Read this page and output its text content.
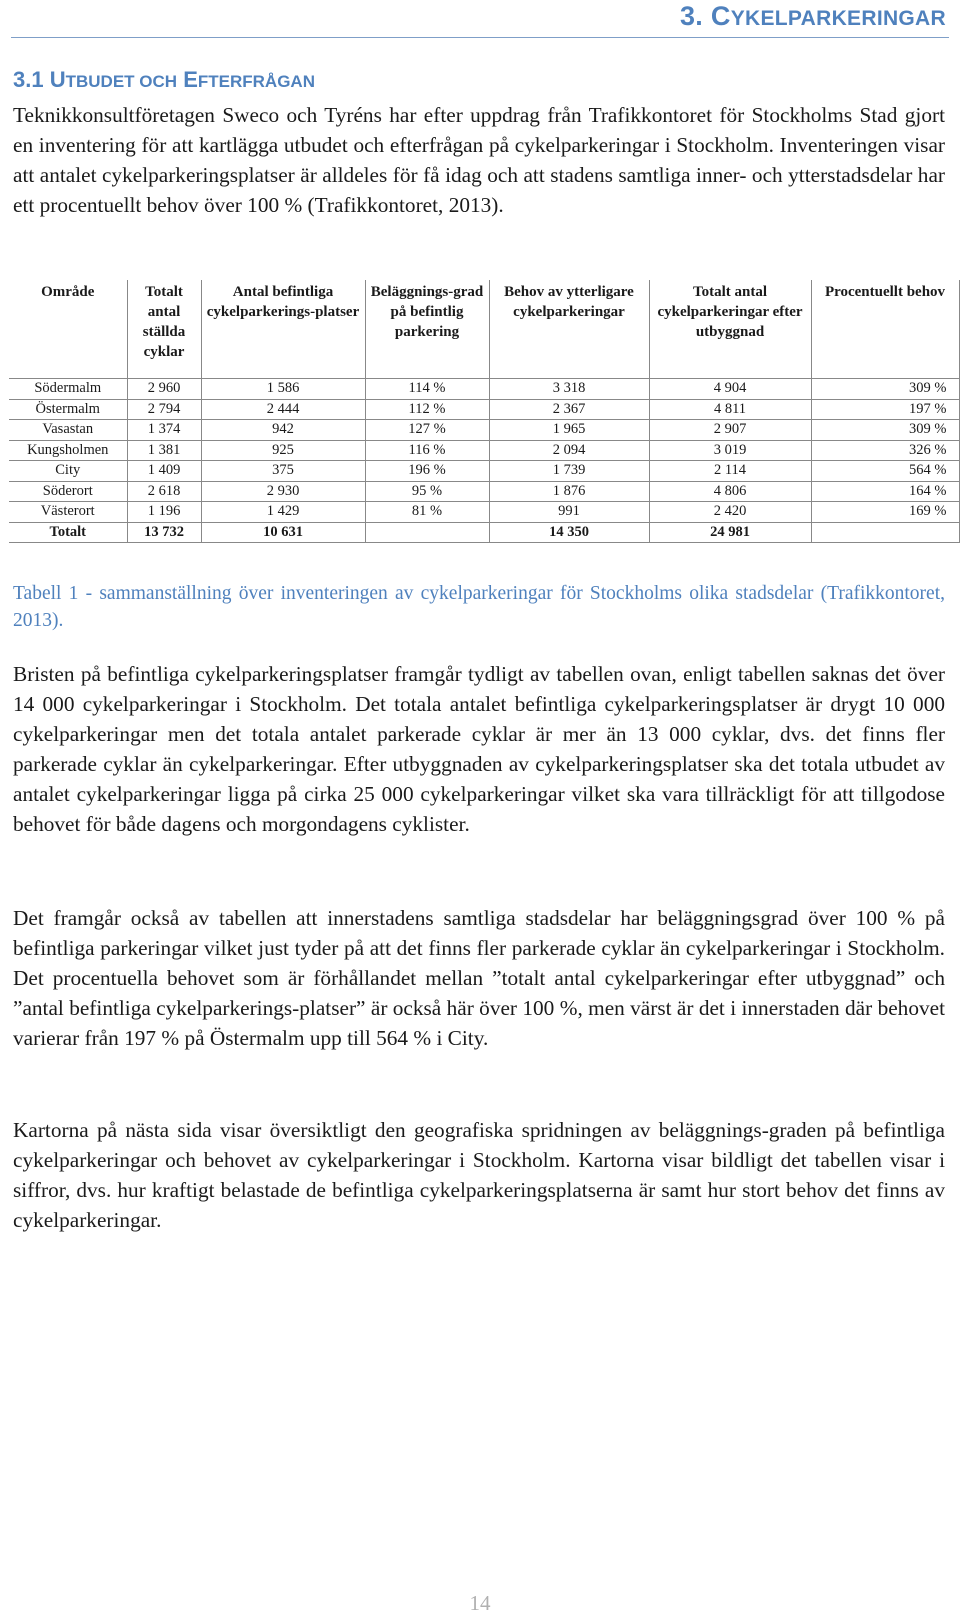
3. CYKELPARKERINGAR
3.1 UTBUDET OCH EFTERFRÅGAN
Teknikkonsultföretagen Sweco och Tyréns har efter uppdrag från Trafikkontoret för Stockholms Stad gjort en inventering för att kartlägga utbudet och efterfrågan på cykelparkeringar i Stockholm. Inventeringen visar att antalet cykelparkeringsplatser är alldeles för få idag och att stadens samtliga inner- och ytterstadsdelar har ett procentuellt behov över 100 % (Trafikkontoret, 2013).
Område	Totalt antal ställda cyklar	Antal befintliga cykelparkerings-platser	Beläggnings-grad på befintlig parkering	Behov av ytterligare cykelparkeringar	Totalt antal cykelparkeringar efter utbyggnad	Procentuellt behov
Södermalm	2 960	1 586	114 %	3 318	4 904	309 %
Östermalm	2 794	2 444	112 %	2 367	4 811	197 %
Vasastan	1 374	942	127 %	1 965	2 907	309 %
Kungsholmen	1 381	925	116 %	2 094	3 019	326 %
City	1 409	375	196 %	1 739	2 114	564 %
Söderort	2 618	2 930	95 %	1 876	4 806	164 %
Västerort	1 196	1 429	81 %	991	2 420	169 %
Totalt	13 732	10 631		14 350	24 981	
Tabell 1 - sammanställning över inventeringen av cykelparkeringar för Stockholms olika stadsdelar (Trafikkontoret, 2013).
Bristen på befintliga cykelparkeringsplatser framgår tydligt av tabellen ovan, enligt tabellen saknas det över 14 000 cykelparkeringar i Stockholm. Det totala antalet befintliga cykelparkeringsplatser är drygt 10 000 cykelparkeringar men det totala antalet parkerade cyklar är mer än 13 000 cyklar, dvs. det finns fler parkerade cyklar än cykelparkeringar. Efter utbyggnaden av cykelparkeringsplatser ska det totala utbudet av antalet cykelparkeringar ligga på cirka 25 000 cykelparkeringar vilket ska vara tillräckligt för att tillgodose behovet för både dagens och morgondagens cyklister.
Det framgår också av tabellen att innerstadens samtliga stadsdelar har beläggningsgrad över 100 % på befintliga parkeringar vilket just tyder på att det finns fler parkerade cyklar än cykelparkeringar i Stockholm. Det procentuella behovet som är förhållandet mellan ”totalt antal cykelparkeringar efter utbyggnad” och ”antal befintliga cykelparkerings-platser” är också här över 100 %, men värst är det i innerstaden där behovet varierar från 197 % på Östermalm upp till 564 % i City.
Kartorna på nästa sida visar översiktligt den geografiska spridningen av beläggnings-graden på befintliga cykelparkeringar och behovet av cykelparkeringar i Stockholm. Kartorna visar bildligt det tabellen visar i siffror, dvs. hur kraftigt belastade de befintliga cykelparkeringsplatserna är samt hur stort behov det finns av cykelparkeringar.
14
